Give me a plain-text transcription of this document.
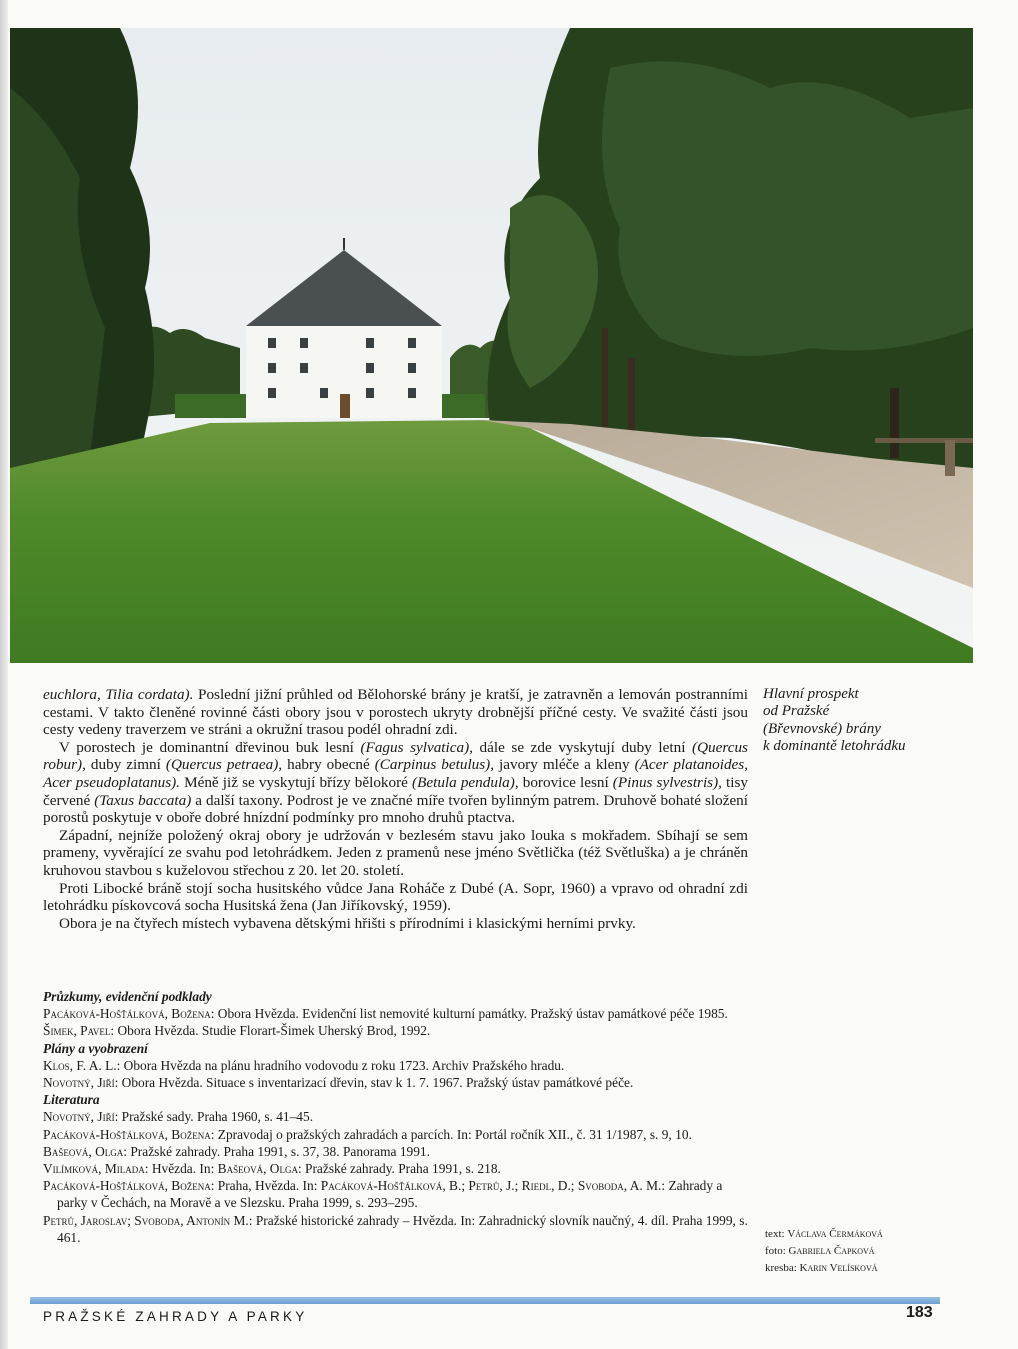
euchlora, Tilia cordata). Poslední jižní průhled od Bělohorské brány je kratší, je zatravněn a lemován postranními cestami. V takto členěné rovinné části obory jsou v porostech ukryty drobnější příčné cesty. Ve svažité části jsou cesty vedeny traverzem ve stráni a okružní trasou podél ohradní zdi.

V porostech je dominantní dřevinou buk lesní (Fagus sylvatica), dále se zde vyskytují duby letní (Quercus robur), duby zimní (Quercus petraea), habry obecné (Carpinus betulus), javory mléče a kleny (Acer platanoides, Acer pseudoplatanus). Méně již se vyskytují břízy bělokoré (Betula pendula), borovice lesní (Pinus sylvestris), tisy červené (Taxus baccata) a další taxony. Podrost je ve značné míře tvořen bylinným patrem. Druhově bohaté složení porostů poskytuje v oboře dobré hnízdní podmínky pro mnoho druhů ptactva.

Západní, nejníže položený okraj obory je udržován v bezlesém stavu jako louka s mokřadem. Sbíhají se sem prameny, vyvěrající ze svahu pod letohrádkem. Jeden z pramenů nese jméno Světlička (též Světluška) a je chráněn kruhovou stavbou s kuželovou střechou z 20. let 20. století.

Proti Libocké bráně stojí socha husitského vůdce Jana Roháče z Dubé (A. Sopr, 1960) a vpravo od ohradní zdi letohrádku pískovcová socha Husitská žena (Jan Jiříkovský, 1959).

Obora je na čtyřech místech vybavena dětskými hřišti s přírodními i klasickými herními prvky.

Průzkumy, evidenční podklady

Pacáková-Hošťálková, Božena: Obora Hvězda. Evidenční list nemovité kulturní památky. Pražský ústav památkové péče 1985.

Šimek, Pavel: Obora Hvězda. Studie Florart-Šimek Uherský Brod, 1992.

Plány a vyobrazení

Klos, F. A. L.: Obora Hvězda na plánu hradního vodovodu z roku 1723. Archiv Pražského hradu.

Novotný, Jiří: Obora Hvězda. Situace s inventarizací dřevin, stav k 1. 7. 1967. Pražský ústav památkové péče.

Literatura

Novotný, Jiří: Pražské sady. Praha 1960, s. 41–45.

Pacáková-Hošťálková, Božena: Zpravodaj o pražských zahradách a parcích. In: Portál ročník XII., č. 31 1/1987, s. 9, 10.

Bašeová, Olga: Pražské zahrady. Praha 1991, s. 37, 38. Panorama 1991.

Vilímková, Milada: Hvězda. In: Bašeová, Olga: Pražské zahrady. Praha 1991, s. 218.

Pacáková-Hošťálková, Božena: Praha, Hvězda. In: Pacáková-Hošťálková, B.; Petrů, J.; Riedl, D.; Svoboda, A. M.: Zahrady a parky v Čechách, na Moravě a ve Slezsku. Praha 1999, s. 293–295.

Petrů, Jaroslav; Svoboda, Antonín M.: Pražské historické zahrady – Hvězda. In: Zahradnický slovník naučný, 4. díl. Praha 1999, s. 461.

Hlavní prospekt
od Pražské
(Břevnovské) brány
k dominantě letohrádku
text: Václava Čermáková
foto: Gabriela Čapková
kresba: Karin Velísková
PRAŽSKÉ ZAHRADY A PARKY	183
